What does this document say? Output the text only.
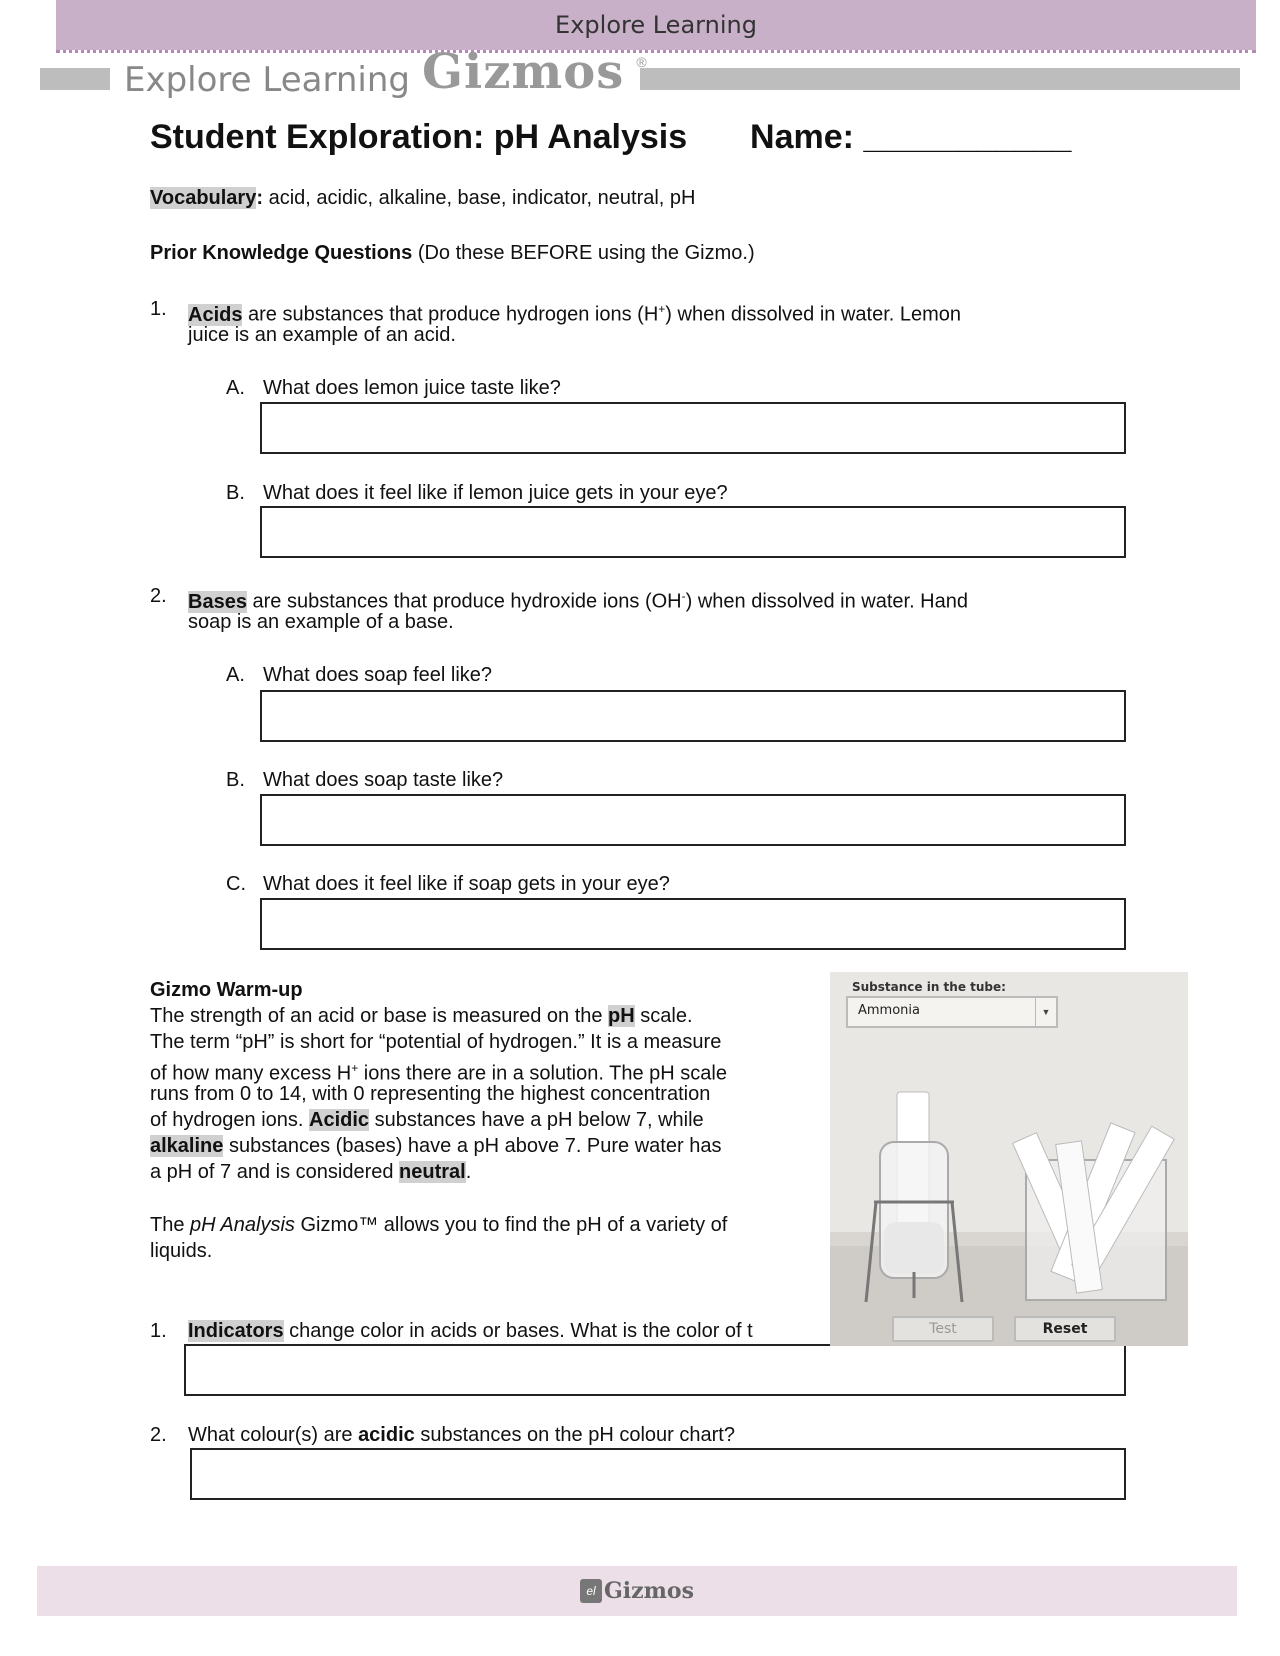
Explore Learning
Explore Learning Gizmos ®
Student Exploration: pH Analysis Name: ___________
Vocabulary: acid, acidic, alkaline, base, indicator, neutral, pH
Prior Knowledge Questions (Do these BEFORE using the Gizmo.)
1. Acids are substances that produce hydrogen ions (H+) when dissolved in water. Lemon
juice is an example of an acid.
A. What does lemon juice taste like?
B. What does it feel like if lemon juice gets in your eye?
2. Bases are substances that produce hydroxide ions (OH-) when dissolved in water. Hand
soap is an example of a base.
A. What does soap feel like?
B. What does soap taste like?
C. What does it feel like if soap gets in your eye?
Gizmo Warm-up
The strength of an acid or base is measured on the pH scale.
The term “pH” is short for “potential of hydrogen.” It is a measure
of how many excess H+ ions there are in a solution. The pH scale
runs from 0 to 14, with 0 representing the highest concentration
of hydrogen ions. Acidic substances have a pH below 7, while
alkaline substances (bases) have a pH above 7. Pure water has
a pH of 7 and is considered neutral.
The pH Analysis Gizmo™ allows you to find the pH of a variety of
liquids.
1. Indicators change color in acids or bases. What is the color of t
2. What colour(s) are acidic substances on the pH colour chart?
Substance in the tube:
Ammonia	▼
Test	Reset
el Gizmos
